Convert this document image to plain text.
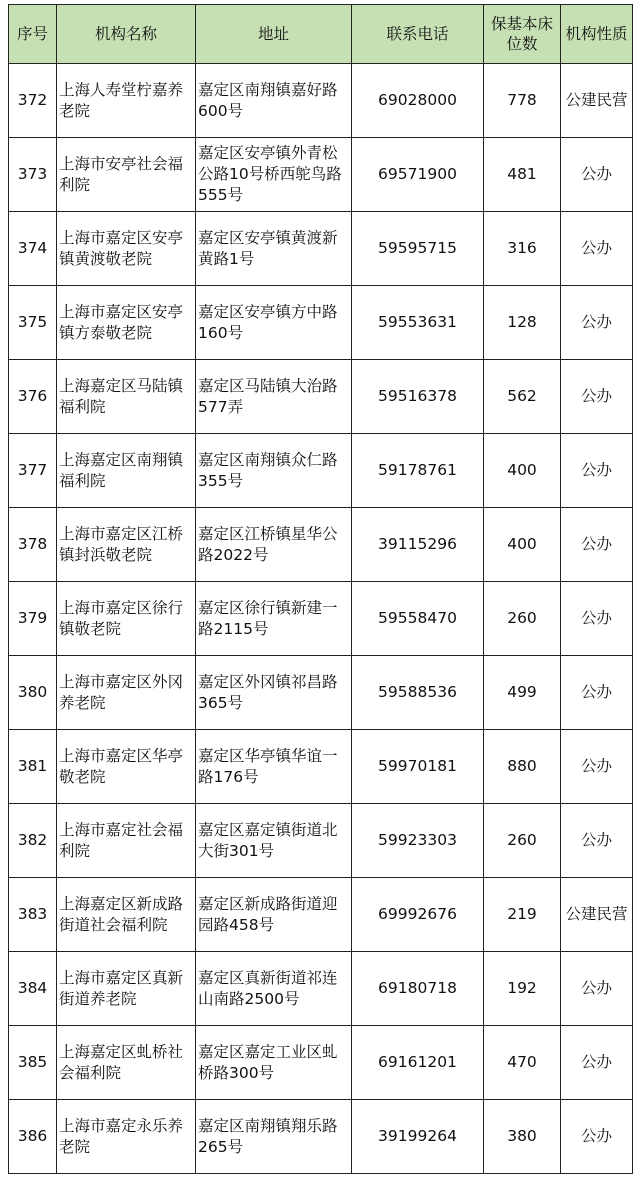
序号	机构名称	地址	联系电话	保基本床位数	机构性质
372	上海人寿堂柠嘉养老院	嘉定区南翔镇嘉好路600号	69028000	778	公建民营
373	上海市安亭社会福利院	嘉定区安亭镇外青松公路10号桥西鸵鸟路555号	69571900	481	公办
374	上海市嘉定区安亭镇黄渡敬老院	嘉定区安亭镇黄渡新黄路1号	59595715	316	公办
375	上海市嘉定区安亭镇方泰敬老院	嘉定区安亭镇方中路160号	59553631	128	公办
376	上海嘉定区马陆镇福利院	嘉定区马陆镇大治路577弄	59516378	562	公办
377	上海嘉定区南翔镇福利院	嘉定区南翔镇众仁路355号	59178761	400	公办
378	上海市嘉定区江桥镇封浜敬老院	嘉定区江桥镇星华公路2022号	39115296	400	公办
379	上海市嘉定区徐行镇敬老院	嘉定区徐行镇新建一路2115号	59558470	260	公办
380	上海市嘉定区外冈养老院	嘉定区外冈镇祁昌路365号	59588536	499	公办
381	上海市嘉定区华亭敬老院	嘉定区华亭镇华谊一路176号	59970181	880	公办
382	上海市嘉定社会福利院	嘉定区嘉定镇街道北大街301号	59923303	260	公办
383	上海嘉定区新成路街道社会福利院	嘉定区新成路街道迎园路458号	69992676	219	公建民营
384	上海市嘉定区真新街道养老院	嘉定区真新街道祁连山南路2500号	69180718	192	公办
385	上海嘉定区虬桥社会福利院	嘉定区嘉定工业区虬桥路300号	69161201	470	公办
386	上海市嘉定永乐养老院	嘉定区南翔镇翔乐路265号	39199264	380	公办
